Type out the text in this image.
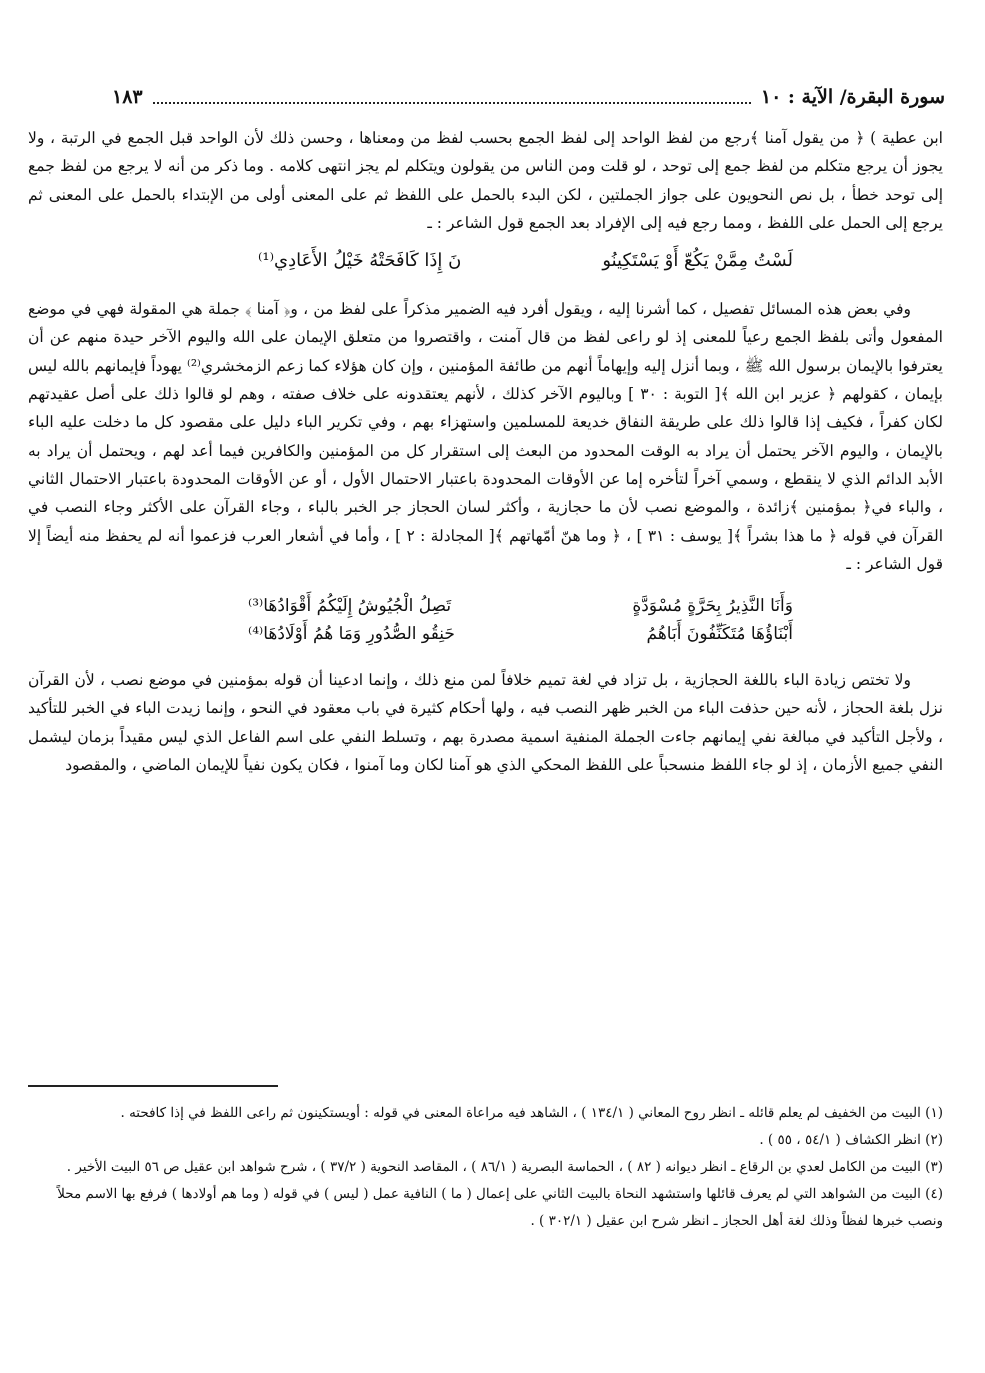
سورة البقرة/ الآية : ١٠
١٨٣

ابن عطية ) ﴿ من يقول آمنا ﴾رجع من لفظ الواحد إلى لفظ الجمع بحسب لفظ من ومعناها ، وحسن ذلك لأن الواحد قبل الجمع في الرتبة ، ولا يجوز أن يرجع متكلم من لفظ جمع إلى توحد ، لو قلت ومن الناس من يقولون ويتكلم لم يجز انتهى كلامه . وما ذكر من أنه لا يرجع من لفظ جمع إلى توحد خطأ ، بل نص النحويون على جواز الجملتين ، لكن البدء بالحمل على اللفظ ثم على المعنى أولى من الإبتداء بالحمل على المعنى ثم يرجع إلى الحمل على اللفظ ، ومما رجع فيه إلى الإفراد بعد الجمع قول الشاعر : ـ

لَسْتُ مِمَّنْ يَكُعّ أَوْ يَسْتَكِينُو
نَ إِذَا كَافَحَتْهُ خَيْلُ الأَعَادِي⁽¹⁾

وفي بعض هذه المسائل تفصيل ، كما أشرنا إليه ، ويقول أفرد فيه الضمير مذكراً على لفظ من ، و﴿ آمنا ﴾ جملة هي المقولة فهي في موضع المفعول وأتى بلفظ الجمع رعياً للمعنى إذ لو راعى لفظ من قال آمنت ، واقتصروا من متعلق الإيمان على الله واليوم الآخر حيدة منهم عن أن يعترفوا بالإيمان برسول الله ﷺ ، وبما أنزل إليه وإيهاماً أنهم من طائفة المؤمنين ، وإن كان هؤلاء كما زعم الزمخشري⁽²⁾ يهوداً فإيمانهم بالله ليس بإيمان ، كقولهم ﴿ عزير ابن الله ﴾[ التوبة : ٣٠ ] وباليوم الآخر كذلك ، لأنهم يعتقدونه على خلاف صفته ، وهم لو قالوا ذلك على أصل عقيدتهم لكان كفراً ، فكيف إذا قالوا ذلك على طريقة النفاق خديعة للمسلمين واستهزاء بهم ، وفي تكرير الباء دليل على مقصود كل ما دخلت عليه الباء بالإيمان ، واليوم الآخر يحتمل أن يراد به الوقت المحدود من البعث إلى استقرار كل من المؤمنين والكافرين فيما أعد لهم ، ويحتمل أن يراد به الأبد الدائم الذي لا ينقطع ، وسمي آخراً لتأخره إما عن الأوقات المحدودة باعتبار الاحتمال الأول ، أو عن الأوقات المحدودة باعتبار الاحتمال الثاني ، والباء في﴿ بمؤمنين ﴾زائدة ، والموضع نصب لأن ما حجازية ، وأكثر لسان الحجاز جر الخبر بالباء ، وجاء القرآن على الأكثر وجاء النصب في القرآن في قوله ﴿ ما هذا بشراً ﴾[ يوسف : ٣١ ] ، ﴿ وما هنّ أمّهاتهم ﴾[ المجادلة : ٢ ] ، وأما في أشعار العرب فزعموا أنه لم يحفظ منه أيضاً إلا قول الشاعر : ـ

وَأَنَا النَّذِيرُ بِحَرَّةٍ مُسْوَدَّةٍ
تَصِلُ الْجُيُوشُ إِلَيْكُمُ أَقْوَادُهَا⁽³⁾
أَبْنَاؤُهَا مُتَكَنِّفُونَ أَبَاهُمُ
حَنِقُو الصُّدُورِ وَمَا هُمُ أَوْلَادُهَا⁽⁴⁾

ولا تختص زيادة الباء باللغة الحجازية ، بل تزاد في لغة تميم خلافاً لمن منع ذلك ، وإنما ادعينا أن قوله بمؤمنين في موضع نصب ، لأن القرآن نزل بلغة الحجاز ، لأنه حين حذفت الباء من الخبر ظهر النصب فيه ، ولها أحكام كثيرة في باب معقود في النحو ، وإنما زيدت الباء في الخبر للتأكيد ، ولأجل التأكيد في مبالغة نفي إيمانهم جاءت الجملة المنفية اسمية مصدرة بهم ، وتسلط النفي على اسم الفاعل الذي ليس مقيداً بزمان ليشمل النفي جميع الأزمان ، إذ لو جاء اللفظ منسحباً على اللفظ المحكي الذي هو آمنا لكان وما آمنوا ، فكان يكون نفياً للإيمان الماضي ، والمقصود

(١) البيت من الخفيف لم يعلم قائله ـ انظر روح المعاني ( ١٣٤/١ ) ، الشاهد فيه مراعاة المعنى في قوله : أويستكينون ثم راعى اللفظ في إذا كافحته .

(٢) انظر الكشاف ( ٥٤/١ ، ٥٥ ) .

(٣) البيت من الكامل لعدي بن الرقاع ـ انظر ديوانه ( ٨٢ ) ، الحماسة البصرية ( ٨٦/١ ) ، المقاصد النحوية ( ٣٧/٢ ) ، شرح شواهد ابن عقيل ص ٥٦ البيت الأخير .

(٤) البيت من الشواهد التي لم يعرف قائلها واستشهد النحاة بالبيت الثاني على إعمال ( ما ) النافية عمل ( ليس ) في قوله ( وما هم أولادها ) فرفع بها الاسم محلاً ونصب خبرها لفظاً وذلك لغة أهل الحجاز ـ انظر شرح ابن عقيل ( ٣٠٢/١ ) .
